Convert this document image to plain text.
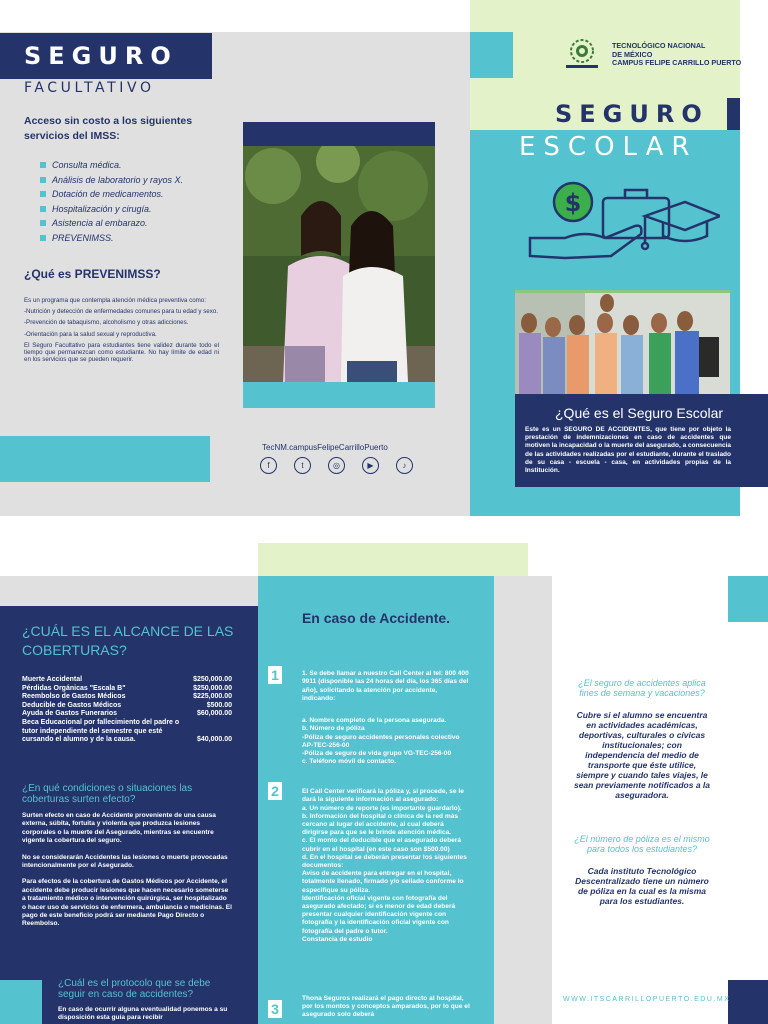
SEGURO
FACULTATIVO
Acceso sin costo a los siguientes servicios del IMSS:
Consulta médica.
Análisis de laboratorio y rayos X.
Dotación de medicamentos.
Hospitalización y cirugía.
Asistencia al embarazo.
PREVENIMSS.
¿Qué es PREVENIMSS?

Es un programa que contempla atención médica preventiva como:

-Nutrición y detección de enfermedades comunes para tu edad y sexo.

-Prevención de tabaquismo, alcoholismo y otras adicciones.

-Orientación para la salud sexual y reproductiva.

El Seguro Facultativo para estudiantes tiene validez durante todo el tiempo que permanezcan como estudiante. No hay límite de edad ni en los servicios que se pueden requerir.

TecNM.campusFelipeCarrilloPuerto
f	t	◎	▶	♪
TECNOLÓGICO NACIONAL
DE MÉXICO
CAMPUS FELIPE CARRILLO PUERTO
SEGURO
ESCOLAR
$
¿Qué es el Seguro Escolar
Este es un SEGURO DE ACCIDENTES, que tiene por objeto la prestación de indemnizaciones en caso de accidentes que motiven la incapacidad o la muerte del asegurado, a consecuencia de las actividades realizadas por el estudiante, durante el traslado de su casa - escuela - casa, en actividades propias de la Institución.
¿CUÁL ES EL ALCANCE DE LAS COBERTURAS?
Muerte Accidental	$250,000.00
Pérdidas Orgánicas "Escala B"	$250,000.00
Reembolso de Gastos Médicos	$225,000.00
Deducible de Gastos Médicos	$500.00
Ayuda de Gastos Funerarios	$60,000.00
Beca Educacional por fallecimiento del padre o tutor independiente del semestre que esté cursando el alumno y de la causa.	$40,000.00
¿En qué condiciones o situaciones las coberturas surten efecto?

Surten efecto en caso de Accidente proveniente de una causa externa, súbita, fortuita y violenta que produzca lesiones corporales o la muerte del Asegurado, mientras se encuentre vigente la cobertura del seguro.

No se considerarán Accidentes las lesiones o muerte provocadas intencionalmente por el Asegurado.

Para efectos de la cobertura de Gastos Médicos por Accidente, el accidente debe producir lesiones que hacen necesario someterse a tratamiento médico o intervención quirúrgica, ser hospitalizado o hacer uso de servicios de enfermera, ambulancia o medicinas. El pago de este beneficio podrá ser mediante Pago Directo o Reembolso.

¿Cuál es el protocolo que se debe seguir en caso de accidentes?
En caso de ocurrir alguna eventualidad ponemos a su disposición esta guía para recibir
En caso de Accidente.
1	1. Se debe llamar a nuestro Call Center al tel: 800 400 9911 (disponible las 24 horas del día, los 365 días del año), solicitando la atención por accidente, indicando:

a. Nombre completo de la persona asegurada.
b. Número de póliza
-Póliza de seguro accidentes personales colectivo AP-TEC-256-00
-Póliza de seguro de vida grupo VG-TEC-256-00
c. Teléfono móvil de contacto.

2	El Call Center verificará la póliza y, si procede, se le dará la siguiente información al asegurado:
a. Un número de reporte (es importante guardarlo).
b. Información del hospital o clínica de la red más cercano al lugar del accidente, al cual deberá dirigirse para que se le brinde atención médica.
c. El monto del deducible que el asegurado deberá cubrir en el hospital (en este caso son $500.00)
d. En el hospital se deberán presentar los siguientes documentos:
Aviso de accidente para entregar en el hospital, totalmente llenado, firmado y/o sellado conforme lo especifique su póliza.
Identificación oficial vigente con fotografía del asegurado afectado; si es menor de edad deberá presentar cualquier identificación vigente con fotografía y la identificación oficial vigente con fotografía del padre o tutor.
Constancia de estudio

3

Thona Seguros realizará el pago directo al hospital, por los montos y conceptos amparados, por lo que el asegurado solo deberá

¿El seguro de accidentes aplica fines de semana y vacaciones?
Cubre si el alumno se encuentra en actividades académicas, deportivas, culturales o cívicas institucionales; con independencia del medio de transporte que éste utilice, siempre y cuando tales viajes, le sean previamente notificados a la aseguradora.
¿El número de póliza es el mismo para todos los estudiantes?
Cada instituto Tecnológico Descentralizado tiene un número de póliza en la cual es la misma para los estudiantes.
WWW.ITSCARRILLOPUERTO.EDU.MX
